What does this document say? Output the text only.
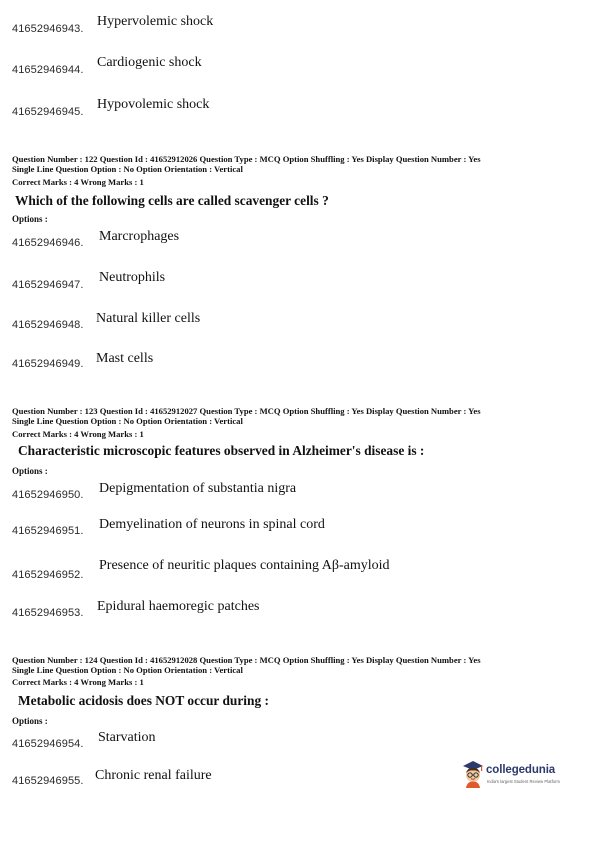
41652946943. Hypervolemic shock
41652946944. Cardiogenic shock
41652946945. Hypovolemic shock
Question Number : 122 Question Id : 41652912026 Question Type : MCQ Option Shuffling : Yes Display Question Number : Yes
Single Line Question Option : No Option Orientation : Vertical
Correct Marks : 4 Wrong Marks : 1
Which of the following cells are called scavenger cells ?
Options :
41652946946. Marcrophages
41652946947. Neutrophils
41652946948. Natural killer cells
41652946949. Mast cells
Question Number : 123 Question Id : 41652912027 Question Type : MCQ Option Shuffling : Yes Display Question Number : Yes
Single Line Question Option : No Option Orientation : Vertical
Correct Marks : 4 Wrong Marks : 1
Characteristic microscopic features observed in Alzheimer's disease is :
Options :
41652946950. Depigmentation of substantia nigra
41652946951. Demyelination of neurons in spinal cord
41652946952.
Presence of neuritic plaques containing Aβ-amyloid
41652946953. Epidural haemoregic patches
Question Number : 124 Question Id : 41652912028 Question Type : MCQ Option Shuffling : Yes Display Question Number : Yes
Single Line Question Option : No Option Orientation : Vertical
Correct Marks : 4 Wrong Marks : 1
Metabolic acidosis does NOT occur during :
Options :
41652946954. Starvation
41652946955. Chronic renal failure	collegedunia
India's largest Student Review Platform
